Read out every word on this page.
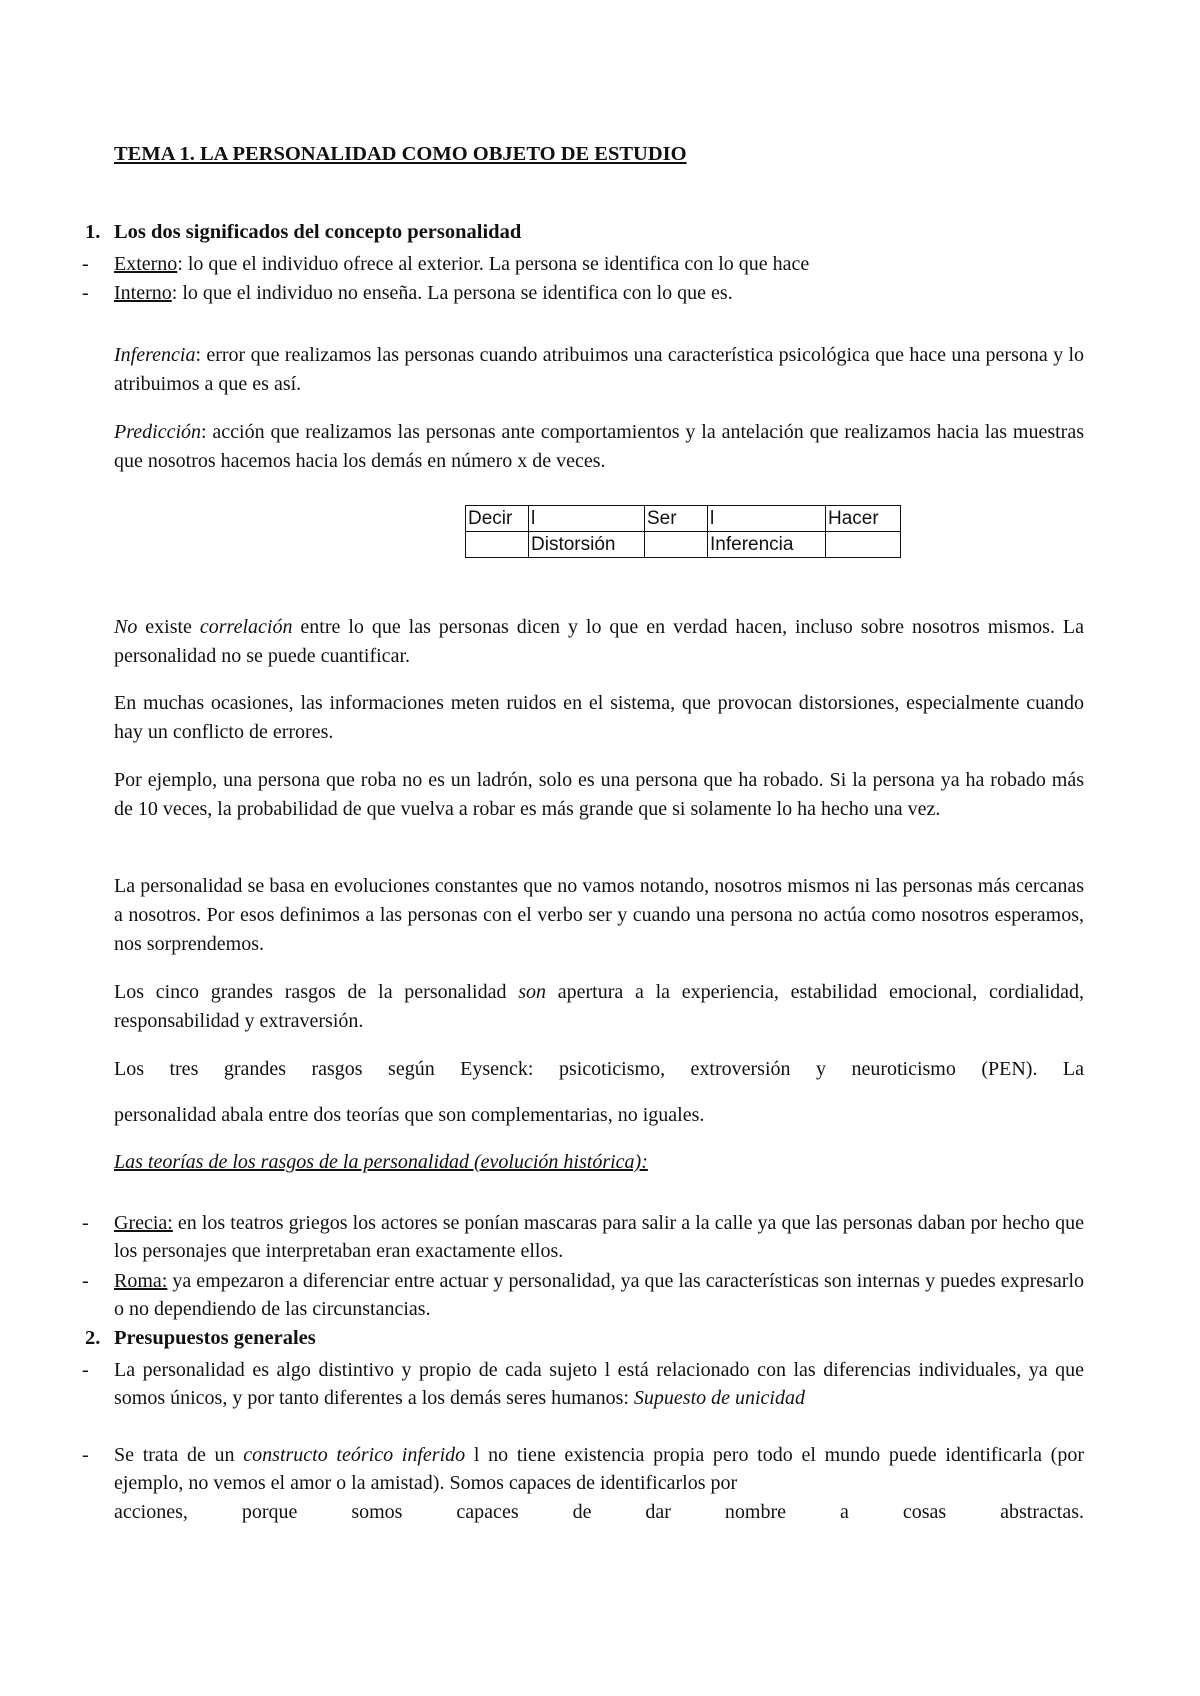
TEMA 1. LA PERSONALIDAD COMO OBJETO DE ESTUDIO
1. Los dos significados del concepto personalidad
- Externo: lo que el individuo ofrece al exterior. La persona se identifica con lo que hace
- Interno: lo que el individuo no enseña. La persona se identifica con lo que es.
Inferencia: error que realizamos las personas cuando atribuimos una característica psicológica que hace una persona y lo atribuimos a que es así.
Predicción: acción que realizamos las personas ante comportamientos y la antelación que realizamos hacia las muestras que nosotros hacemos hacia los demás en número x de veces.
Decir	l	Ser	l	Hacer
	Distorsión		Inferencia	
No existe correlación entre lo que las personas dicen y lo que en verdad hacen, incluso sobre nosotros mismos. La personalidad no se puede cuantificar.
En muchas ocasiones, las informaciones meten ruidos en el sistema, que provocan distorsiones, especialmente cuando hay un conflicto de errores.
Por ejemplo, una persona que roba no es un ladrón, solo es una persona que ha robado. Si la persona ya ha robado más de 10 veces, la probabilidad de que vuelva a robar es más grande que si solamente lo ha hecho una vez.
La personalidad se basa en evoluciones constantes que no vamos notando, nosotros mismos ni las personas más cercanas a nosotros. Por esos definimos a las personas con el verbo ser y cuando una persona no actúa como nosotros esperamos, nos sorprendemos.
Los cinco grandes rasgos de la personalidad son apertura a la experiencia, estabilidad emocional, cordialidad, responsabilidad y extraversión.
Los tres grandes rasgos según Eysenck: psicoticismo, extroversión y neuroticismo (PEN). La
personalidad abala entre dos teorías que son complementarias, no iguales.
Las teorías de los rasgos de la personalidad (evolución histórica):
- Grecia: en los teatros griegos los actores se ponían mascaras para salir a la calle ya que las personas daban por hecho que los personajes que interpretaban eran exactamente ellos.
- Roma: ya empezaron a diferenciar entre actuar y personalidad, ya que las características son internas y puedes expresarlo o no dependiendo de las circunstancias.
2. Presupuestos generales
- La personalidad es algo distintivo y propio de cada sujeto l está relacionado con las diferencias individuales, ya que somos únicos, y por tanto diferentes a los demás seres humanos: Supuesto de unicidad
- Se trata de un constructo teórico inferido l no tiene existencia propia pero todo el mundo puede identificarla (por ejemplo, no vemos el amor o la amistad). Somos capaces de identificarlos por
acciones, porque somos capaces de dar nombre a cosas abstractas.
